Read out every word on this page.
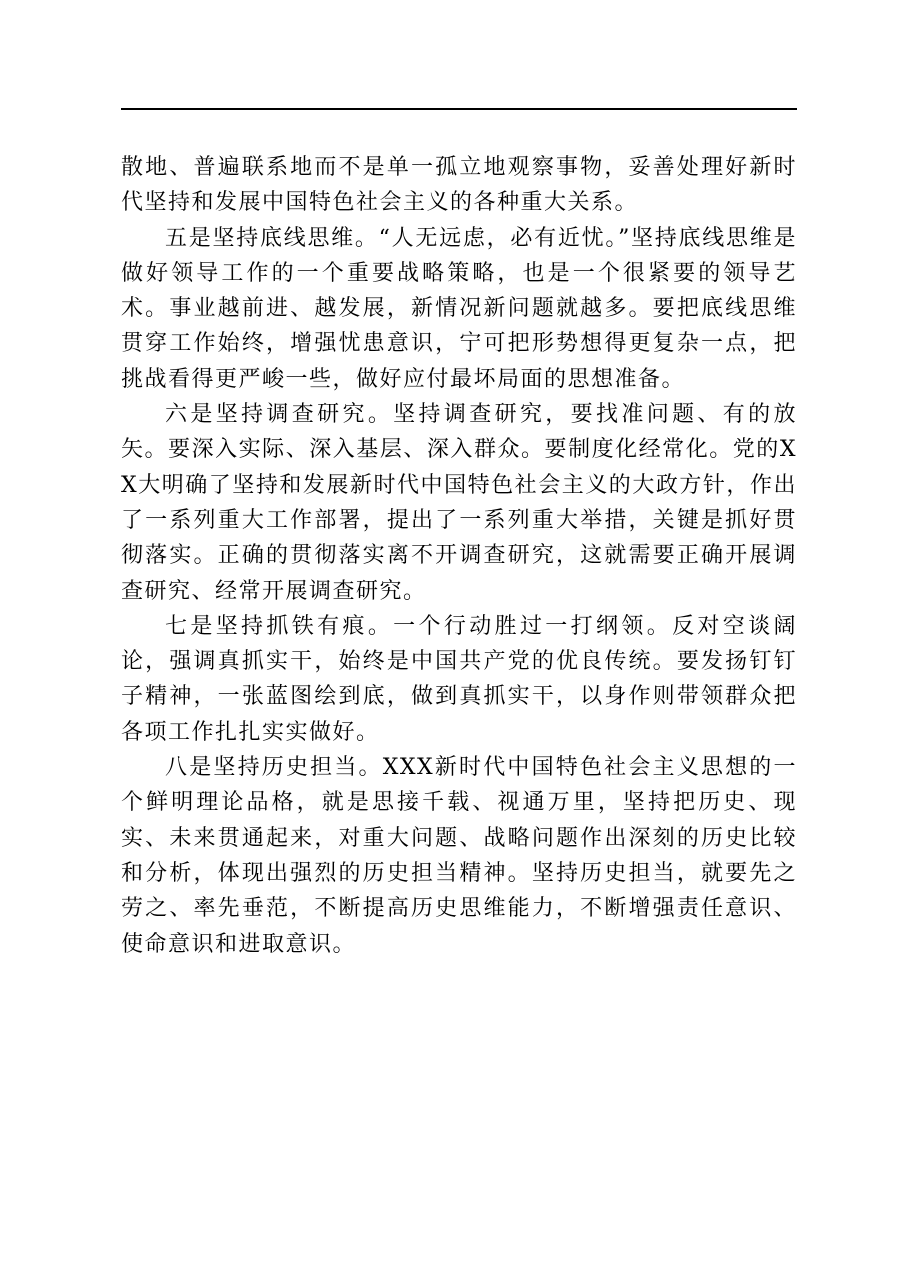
散地、普遍联系地而不是单一孤立地观察事物，妥善处理好新时代坚持和发展中国特色社会主义的各种重大关系。

五是坚持底线思维。“人无远虑，必有近忧。”坚持底线思维是做好领导工作的一个重要战略策略，也是一个很紧要的领导艺术。事业越前进、越发展，新情况新问题就越多。要把底线思维贯穿工作始终，增强忧患意识，宁可把形势想得更复杂一点，把挑战看得更严峻一些，做好应付最坏局面的思想准备。

六是坚持调查研究。坚持调查研究，要找准问题、有的放矢。要深入实际、深入基层、深入群众。要制度化经常化。党的XX大明确了坚持和发展新时代中国特色社会主义的大政方针，作出了一系列重大工作部署，提出了一系列重大举措，关键是抓好贯彻落实。正确的贯彻落实离不开调查研究，这就需要正确开展调查研究、经常开展调查研究。

七是坚持抓铁有痕。一个行动胜过一打纲领。反对空谈阔论，强调真抓实干，始终是中国共产党的优良传统。要发扬钉钉子精神，一张蓝图绘到底，做到真抓实干，以身作则带领群众把各项工作扎扎实实做好。

八是坚持历史担当。XXX新时代中国特色社会主义思想的一个鲜明理论品格，就是思接千载、视通万里，坚持把历史、现实、未来贯通起来，对重大问题、战略问题作出深刻的历史比较和分析，体现出强烈的历史担当精神。坚持历史担当，就要先之劳之、率先垂范，不断提高历史思维能力，不断增强责任意识、使命意识和进取意识。
